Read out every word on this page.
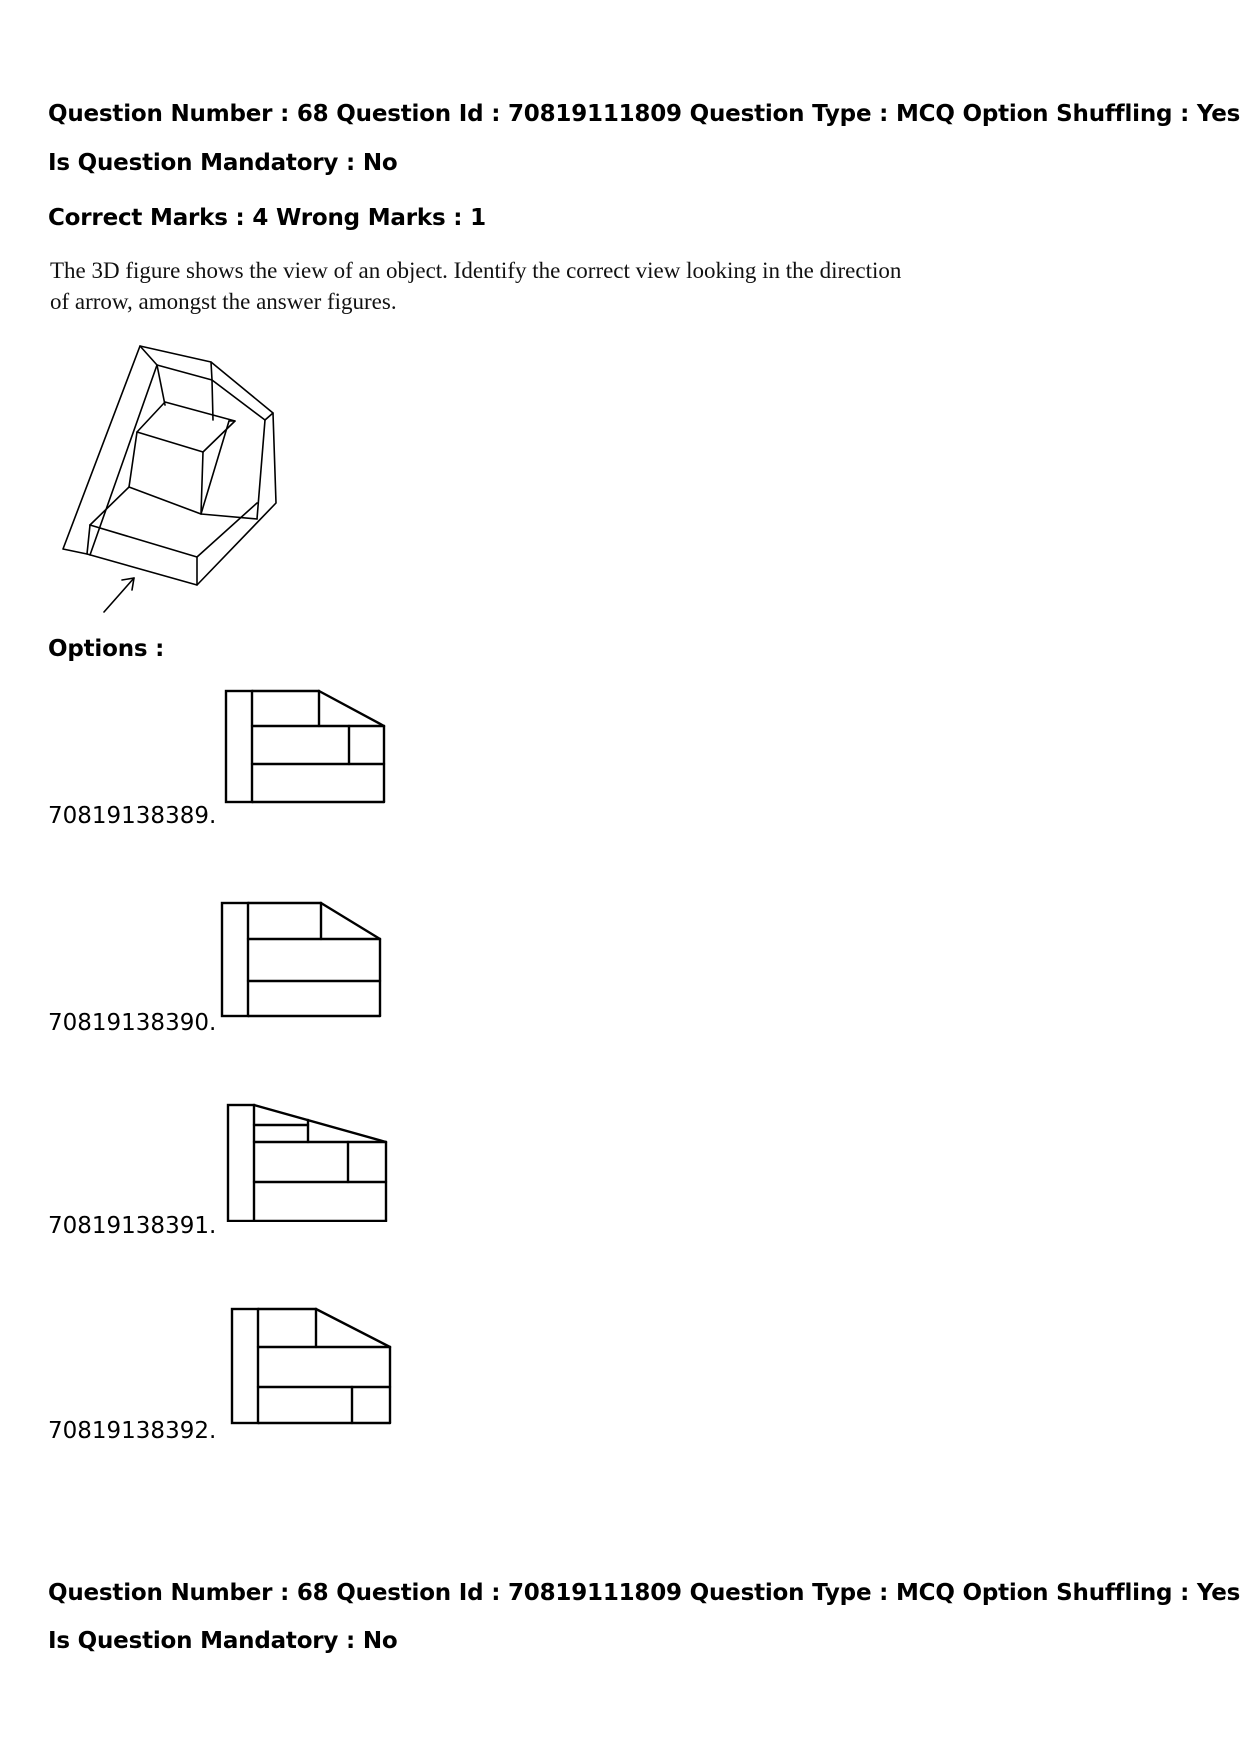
Question Number : 68 Question Id : 70819111809 Question Type : MCQ Option Shuffling : Yes
Is Question Mandatory : No
Correct Marks : 4 Wrong Marks : 1
The 3D figure shows the view of an object. Identify the correct view looking in the direction
of arrow, amongst the answer figures.
Options :
70819138389.
70819138390.
70819138391.
70819138392.
Question Number : 68 Question Id : 70819111809 Question Type : MCQ Option Shuffling : Yes
Is Question Mandatory : No
